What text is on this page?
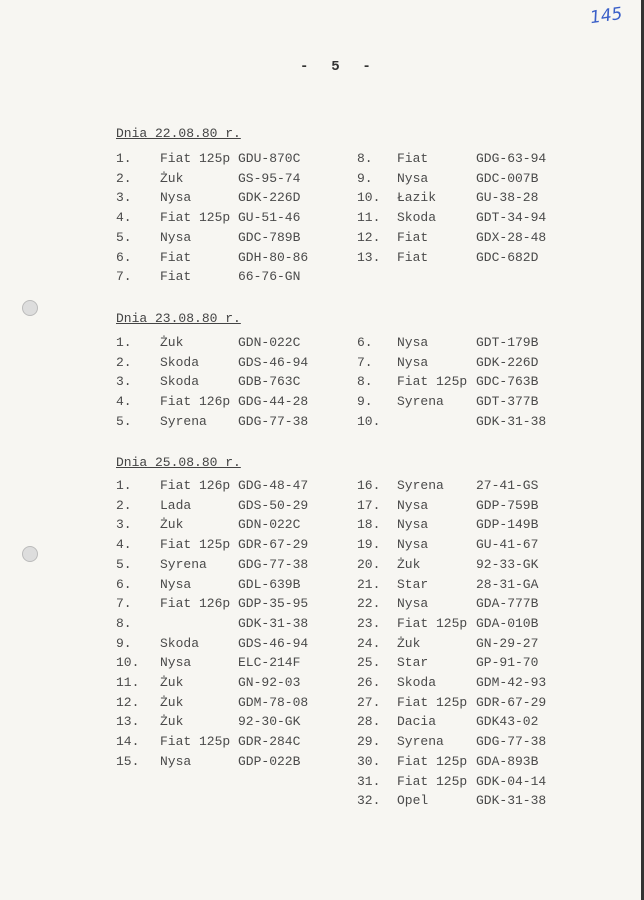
145
-  5  -
Dnia 22.08.80 r.
1. Fiat 125p GDU-870C
2. Żuk	GS-95-74
3. Nysa	GDK-226D
4. Fiat 125p GU-51-46
5. Nysa	GDC-789B
6. Fiat	GDH-80-86
7. Fiat	66-76-GN
8. Fiat	GDG-63-94
9. Nysa	GDC-007B
10. Łazik	GU-38-28
11. Skoda	GDT-34-94
12. Fiat	GDX-28-48
13. Fiat	GDC-682D
Dnia 23.08.80 r.
1. Żuk	GDN-022C
2. Skoda	GDS-46-94
3. Skoda	GDB-763C
4. Fiat 126p GDG-44-28
5. Syrena GDG-77-38
6. Nysa	GDT-179B
7. Nysa	GDK-226D
8. Fiat 125p GDC-763B
9. Syrena GDT-377B
10.	GDK-31-38
Dnia 25.08.80 r.
1. Fiat 126p GDG-48-47
2. Lada	GDS-50-29
3. Żuk	GDN-022C
4. Fiat 125p GDR-67-29
5. Syrena GDG-77-38
6. Nysa	GDL-639B
7. Fiat 126p GDP-35-95
8.	GDK-31-38
9. Skoda	GDS-46-94
10. Nysa	ELC-214F
11. Żuk	GN-92-03
12. Żuk	GDM-78-08
13. Żuk	92-30-GK
14. Fiat 125p GDR-284C
15. Nysa	GDP-022B
16. Syrena 27-41-GS
17. Nysa	GDP-759B
18. Nysa	GDP-149B
19. Nysa	GU-41-67
20. Żuk	92-33-GK
21. Star	28-31-GA
22. Nysa	GDA-777B
23. Fiat 125p GDA-010B
24. Żuk	GN-29-27
25. Star	GP-91-70
26. Skoda	GDM-42-93
27. Fiat 125p GDR-67-29
28. Dacia	GDK43-02
29. Syrena GDG-77-38
30. Fiat 125p GDA-893B
31. Fiat 125p GDK-04-14
32. Opel	GDK-31-38
